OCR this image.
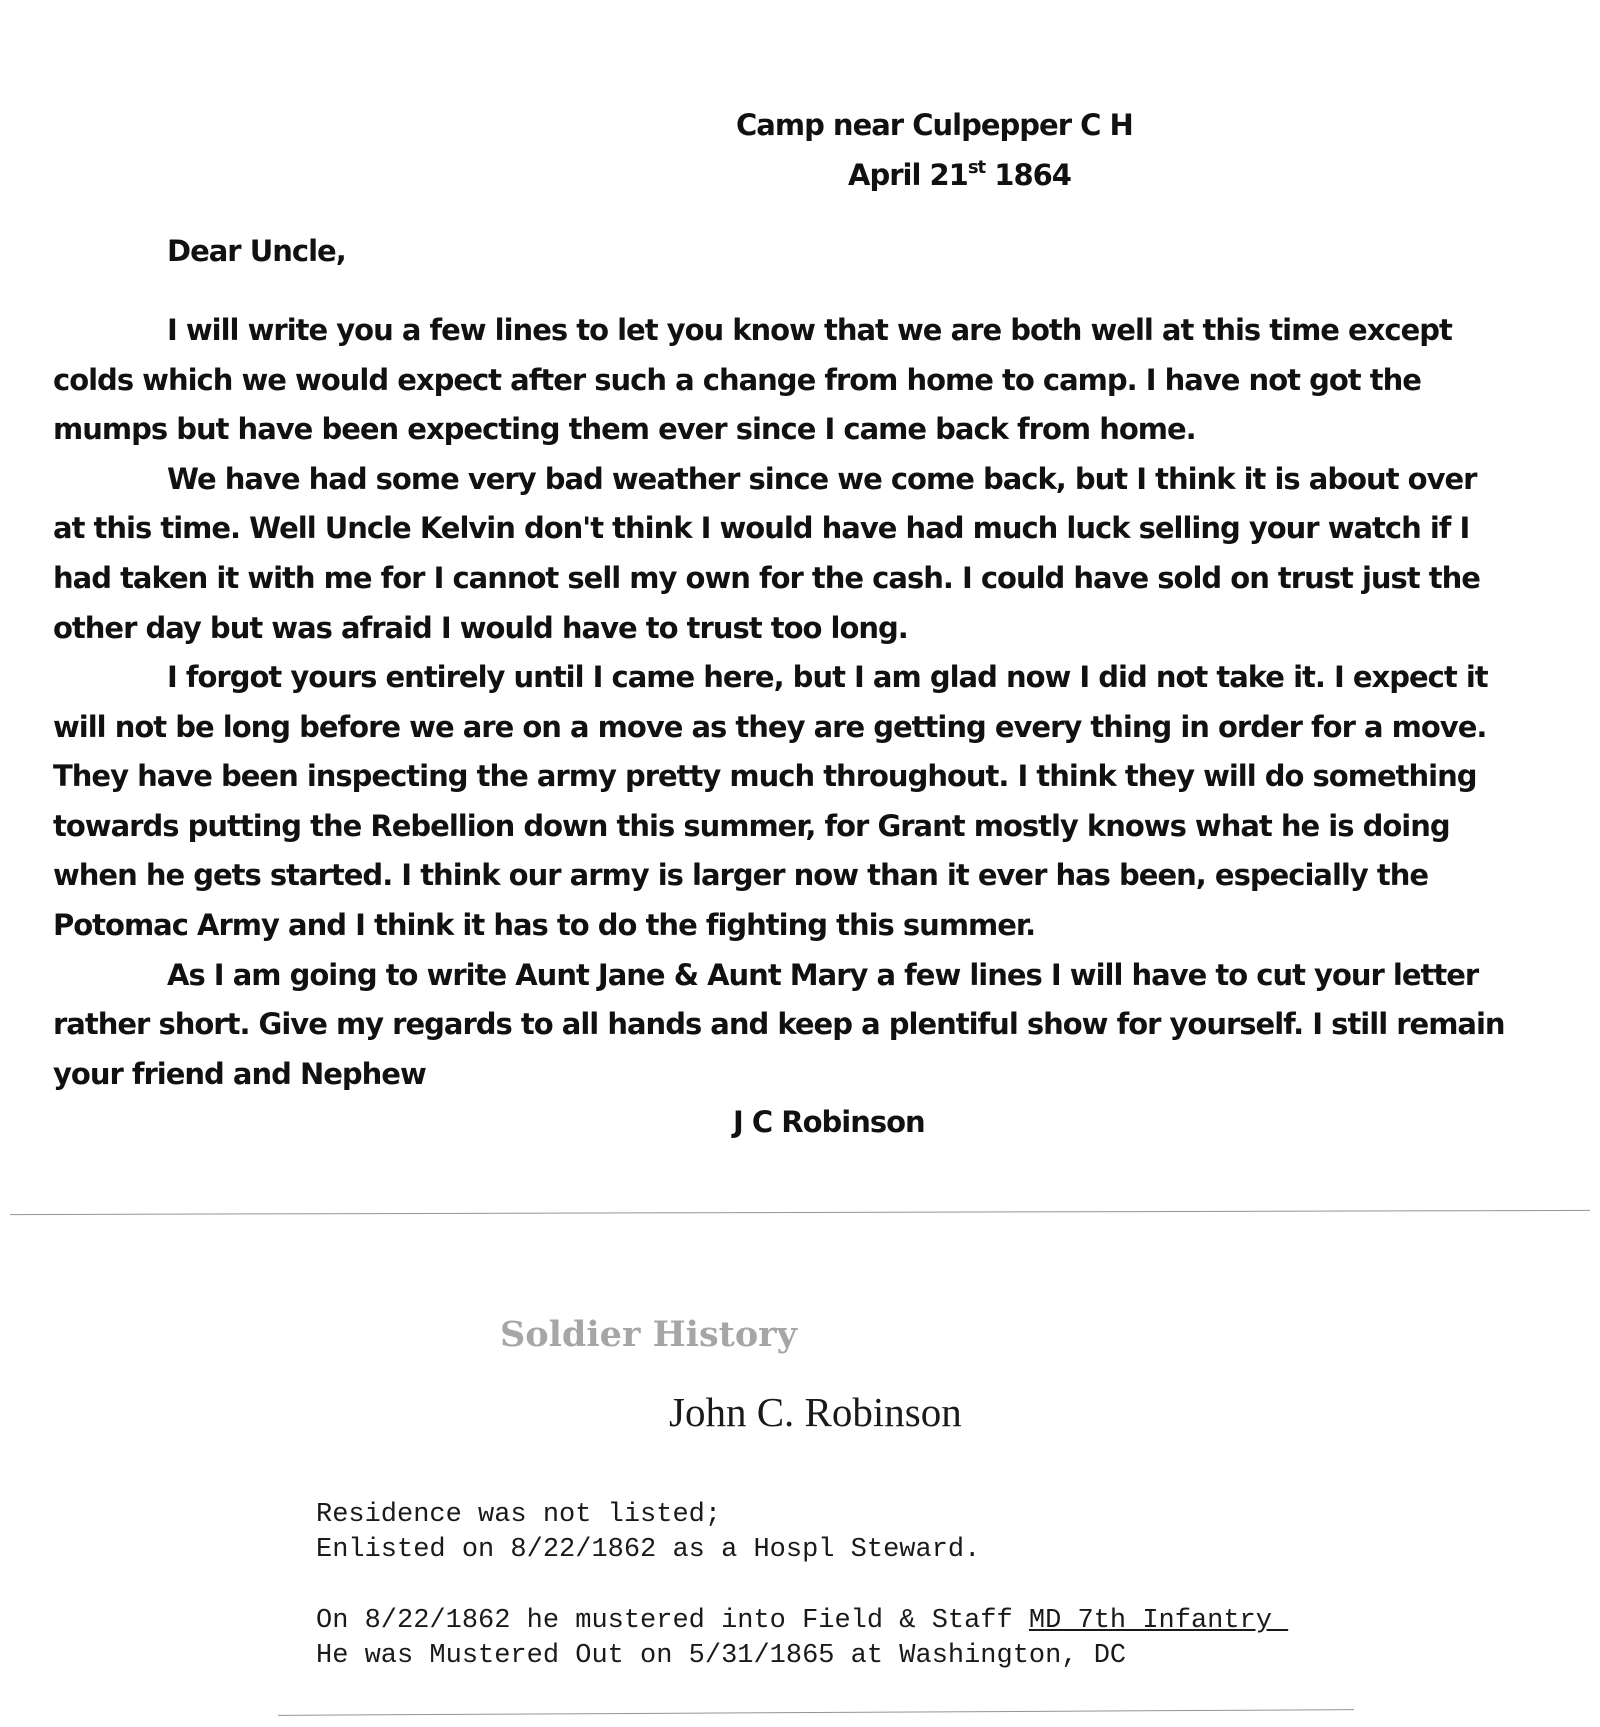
Camp near Culpepper C H
April 21st 1864
Dear Uncle,
I will write you a few lines to let you know that we are both well at this time except
colds which we would expect after such a change from home to camp. I have not got the
mumps but have been expecting them ever since I came back from home.
We have had some very bad weather since we come back, but I think it is about over
at this time. Well Uncle Kelvin don't think I would have had much luck selling your watch if I
had taken it with me for I cannot sell my own for the cash. I could have sold on trust just the
other day but was afraid I would have to trust too long.
I forgot yours entirely until I came here, but I am glad now I did not take it. I expect it
will not be long before we are on a move as they are getting every thing in order for a move.
They have been inspecting the army pretty much throughout. I think they will do something
towards putting the Rebellion down this summer, for Grant mostly knows what he is doing
when he gets started. I think our army is larger now than it ever has been, especially the
Potomac Army and I think it has to do the fighting this summer.
As I am going to write Aunt Jane & Aunt Mary a few lines I will have to cut your letter
rather short. Give my regards to all hands and keep a plentiful show for yourself. I still remain
your friend and Nephew
J C Robinson
Soldier History
John C. Robinson
Residence was not listed;
Enlisted on 8/22/1862 as a Hospl Steward.
On 8/22/1862 he mustered into Field & Staff MD 7th Infantry
He was Mustered Out on 5/31/1865 at Washington, DC
